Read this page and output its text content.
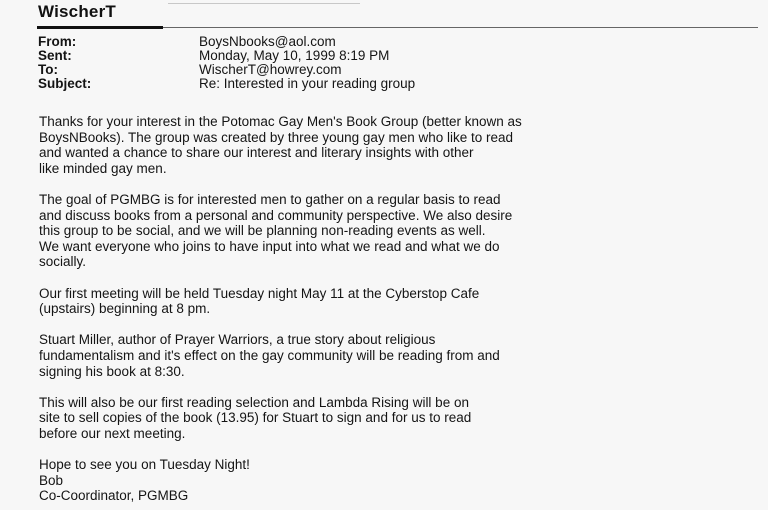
WischerT
From:	BoysNbooks@aol.com
Sent:	Monday, May 10, 1999 8:19 PM
To:	WischerT@howrey.com
Subject:	Re: Interested in your reading group

Thanks for your interest in the Potomac Gay Men's Book Group (better known as
BoysNBooks). The group was created by three young gay men who like to read
and wanted a chance to share our interest and literary insights with other
like minded gay men.

The goal of PGMBG is for interested men to gather on a regular basis to read
and discuss books from a personal and community perspective. We also desire
this group to be social, and we will be planning non-reading events as well.
We want everyone who joins to have input into what we read and what we do
socially.

Our first meeting will be held Tuesday night May 11 at the Cyberstop Cafe
(upstairs) beginning at 8 pm.

Stuart Miller, author of Prayer Warriors, a true story about religious
fundamentalism and it's effect on the gay community will be reading from and
signing his book at 8:30.

This will also be our first reading selection and Lambda Rising will be on
site to sell copies of the book (13.95) for Stuart to sign and for us to read
before our next meeting.

Hope to see you on Tuesday Night!
Bob
Co-Coordinator, PGMBG
